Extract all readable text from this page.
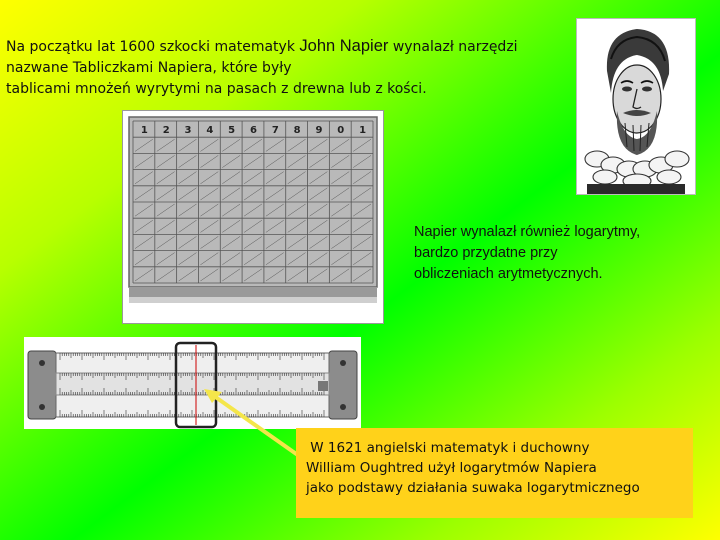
Na początku lat 1600 szkocki matematyk John Napier wynalazł narzędzi
nazwane Tabliczkami Napiera, które były
tablicami mnożeń wyrytymi na pasach z drewna lub z kości.
1 2 3 4 5 6 7 8 9 0 1
Napier wynalazł również logarytmy,
bardzo przydatne przy
obliczeniach arytmetycznych.

W 1621 angielski matematyk i duchowny

William Oughtred użył logarytmów Napiera

jako podstawy działania suwaka logarytmicznego
